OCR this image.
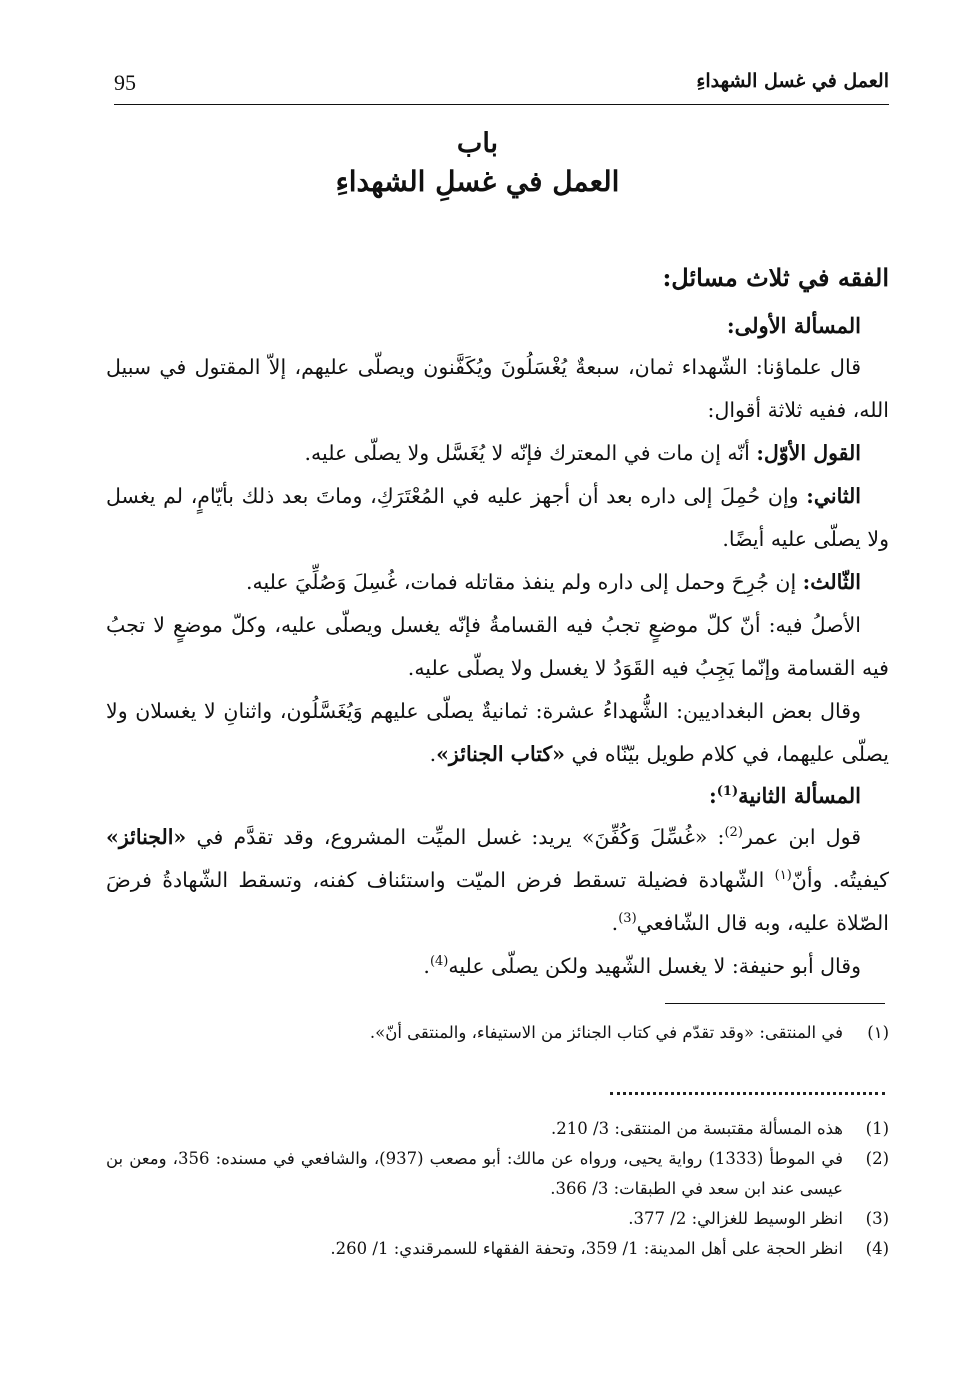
95	العمل في غسل الشهداءِ
باب
العمل في غسلِ الشهداءِ

الفقه في ثلاث مسائل:

المسألة الأولى:

قال علماؤنا: الشّهداء ثمان، سبعةٌ يُغْسَلُونَ ويُكَفَّنون ويصلّى عليهم، إلاّ المقتول في سبيل الله، ففيه ثلاثة أقوال:

القول الأوّل: أنّه إن مات في المعترك فإنّه لا يُغَسَّل ولا يصلّى عليه.

الثاني: وإن حُمِلَ إلى داره بعد أن أجهز عليه في المُعْتَرَكِ، وماتَ بعد ذلك بأيّامٍ، لم يغسل ولا يصلّى عليه أيضًا.

الثّالث: إن جُرِحَ وحمل إلى داره ولم ينفذ مقاتله فمات، غُسِلَ وَصُلِّيَ عليه.

الأصلُ فيه: أنّ كلّ موضعٍ تجبُ فيه القسامةُ فإنّه يغسل ويصلّى عليه، وكلّ موضعٍ لا تجبُ فيه القسامة وإنّما يَجِبُ فيه القَوَدُ لا يغسل ولا يصلّى عليه.

وقال بعض البغداديين: الشُّهداءُ عشرة: ثمانيةٌ يصلّى عليهم وَيُغَسَّلُون، واثنانِ لا يغسلان ولا يصلّى عليهما، في كلام طويل بيّنّاه في «كتاب الجنائز».

المسألة الثانية$^{(1)}$:

قول ابن عمر$^{(2)}$: «غُسِّلَ وَكُفِّنَ» يريد: غسل الميِّت المشروع، وقد تقدَّم في «الجنائز» كيفيتُه. وأنّ$^{(١)}$ الشّهادة فضيلة تسقط فرض الميّت واستئناف كفنه، وتسقط الشّهادةُ فرضَ الصّلاة عليه، وبه قال الشّافعي$^{(3)}$.

وقال أبو حنيفة: لا يغسل الشّهيد ولكن يصلّى عليه$^{(4)}$.

(١)
في المنتقى: «وقد تقدّم في كتاب الجنائز من الاستيفاء، والمنتقى أنّ».
(1)
هذه المسألة مقتبسة من المنتقى: 3/ 210.
(2)
في الموطأ (1333) رواية يحيى، ورواه عن مالك: أبو مصعب (937)، والشافعي في مسنده: 356، ومعن بن عيسى عند ابن سعد في الطبقات: 3/ 366.
(3)
انظر الوسيط للغزالي: 2/ 377.
(4)
انظر الحجة على أهل المدينة: 1/ 359، وتحفة الفقهاء للسمرقندي: 1/ 260.
